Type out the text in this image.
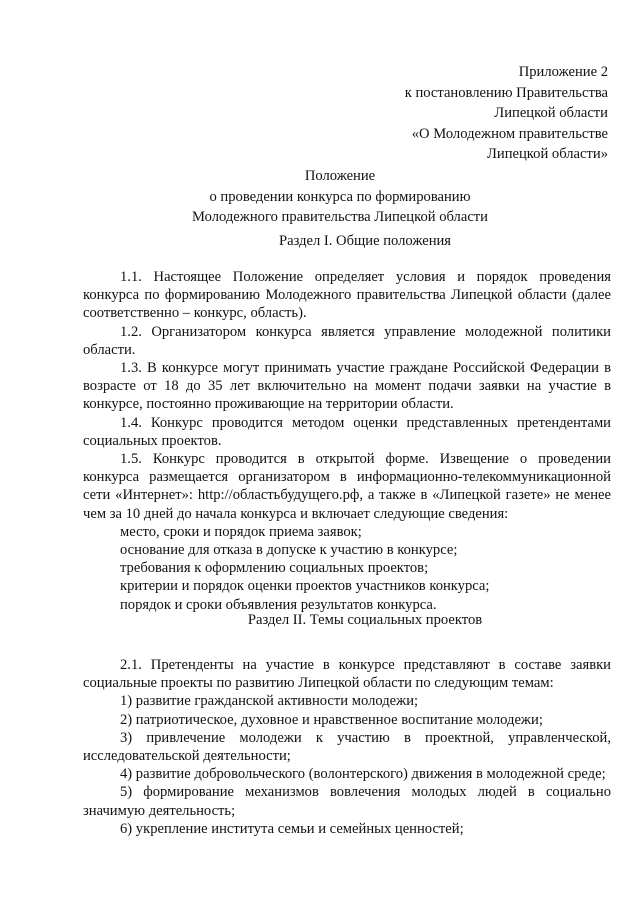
Приложение 2
к постановлению Правительства
Липецкой области
«О Молодежном правительстве
Липецкой области»
Положение
о проведении конкурса по формированию
Молодежного правительства Липецкой области
Раздел I. Общие положения

1.1. Настоящее Положение определяет условия и порядок проведения конкурса по формированию Молодежного правительства Липецкой области (далее соответственно – конкурс, область).

1.2. Организатором конкурса является управление молодежной политики области.

1.3. В конкурсе могут принимать участие граждане Российской Федерации в возрасте от 18 до 35 лет включительно на момент подачи заявки на участие в конкурсе, постоянно проживающие на территории области.

1.4. Конкурс проводится методом оценки представленных претендентами социальных проектов.

1.5. Конкурс проводится в открытой форме. Извещение о проведении конкурса размещается организатором в информационно-телекоммуникационной сети «Интернет»: http://областьбудущего.рф, а также в «Липецкой газете» не менее чем за 10 дней до начала конкурса и включает следующие сведения:

место, сроки и порядок приема заявок;

основание для отказа в допуске к участию в конкурсе;

требования к оформлению социальных проектов;

критерии и порядок оценки проектов участников конкурса;

порядок и сроки объявления результатов конкурса.

Раздел II. Темы социальных проектов

2.1. Претенденты на участие в конкурсе представляют в составе заявки социальные проекты по развитию Липецкой области по следующим темам:

1) развитие гражданской активности молодежи;

2) патриотическое, духовное и нравственное воспитание молодежи;

3) привлечение молодежи к участию в проектной, управленческой, исследовательской деятельности;

4) развитие добровольческого (волонтерского) движения в молодежной среде;

5) формирование механизмов вовлечения молодых людей в социально значимую деятельность;

6) укрепление института семьи и семейных ценностей;
